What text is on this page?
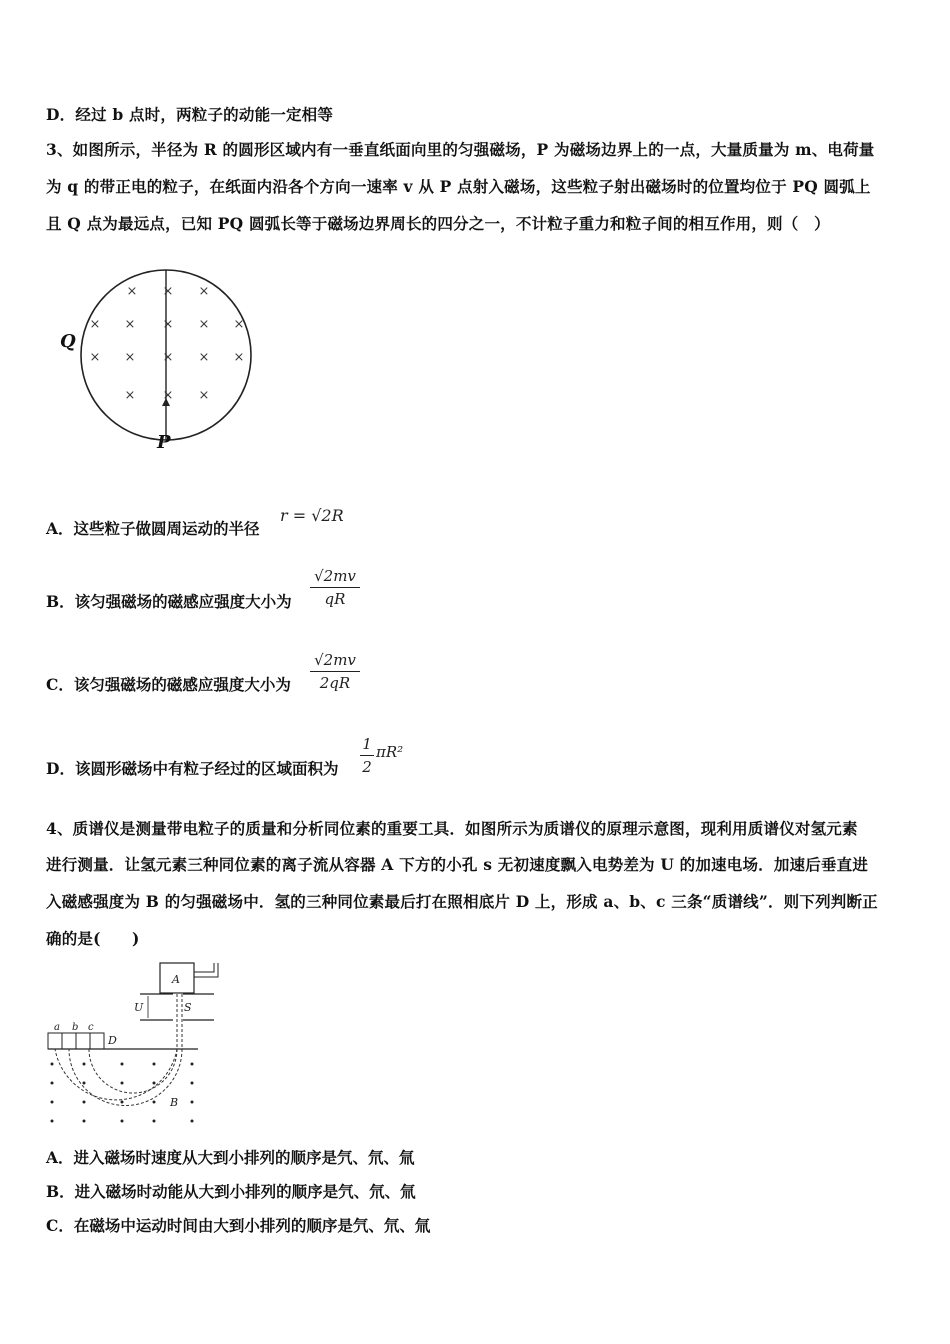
D．经过 b 点时，两粒子的动能一定相等
3、如图所示，半径为 R 的圆形区域内有一垂直纸面向里的匀强磁场，P 为磁场边界上的一点，大量质量为 m、电荷量
为 q 的带正电的粒子，在纸面内沿各个方向一速率 v 从 P 点射入磁场，这些粒子射出磁场时的位置均位于 PQ 圆弧上
且 Q 点为最远点，已知 PQ 圆弧长等于磁场边界周长的四分之一，不计粒子重力和粒子间的相互作用，则（　）
× × ×
× × × × ×
× × × × ×
× × ×
Q
P
A．这些粒子做圆周运动的半径
r = √2R
B．该匀强磁场的磁感应强度大小为
√2mv
qR
C．该匀强磁场的磁感应强度大小为
√2mv
2qR
D．该圆形磁场中有粒子经过的区域面积为
1
2
πR²
4、质谱仪是测量带电粒子的质量和分析同位素的重要工具．如图所示为质谱仪的原理示意图，现利用质谱仪对氢元素
进行测量．让氢元素三种同位素的离子流从容器 A 下方的小孔 s 无初速度飘入电势差为 U 的加速电场．加速后垂直进
入磁感强度为 B 的匀强磁场中．氢的三种同位素最后打在照相底片 D 上，形成 a、b、c 三条“质谱线”．则下列判断正
确的是(　　)
A
U	S
a b c
D
B
A．进入磁场时速度从大到小排列的顺序是氕、氘、氚
B．进入磁场时动能从大到小排列的顺序是氕、氘、氚
C．在磁场中运动时间由大到小排列的顺序是氕、氘、氚
